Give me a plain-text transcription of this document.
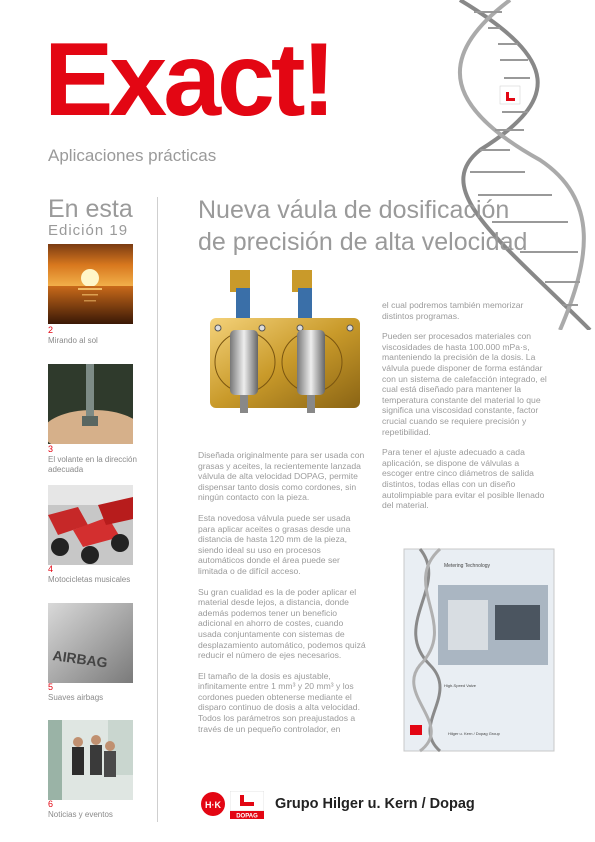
Exact!
Aplicaciones prácticas
En esta
Edición 19
2
Mirando al sol
3
El volante en la dirección adecuada
4
Motocicletas musicales
AIRBAG
5
Suaves airbags
6
Noticias y eventos
Nueva váula de dosificación
de precisión de alta velocidad

Diseñada originalmente para ser usada con grasas y aceites, la recientemente lanzada válvula de alta velocidad DOPAG, permite dispensar tanto dosis como cordones, sin ningún contacto con la pieza.

Esta novedosa válvula puede ser usada para aplicar aceites o grasas desde una distancia de hasta 120 mm de la pieza, siendo ideal su uso en procesos automáticos donde el área puede ser limitada o de difícil acceso.

Su gran cualidad es la de poder aplicar el material desde lejos, a distancia, donde además podemos tener un beneficio adicional en ahorro de costes, cuando usada conjuntamente con sistemas de desplazamiento automático, podemos quizá reducir el número de ejes necesarios.

El tamaño de la dosis es ajustable, infinitamente entre 1 mm³ y 20 mm³ y los cordones pueden obtenerse mediante el disparo continuo de dosis a alta velocidad. Todos los parámetros son preajustados a través de un pequeño controlador, en

el cual podremos también memorizar distintos programas.

Pueden ser procesados materiales con viscosidades de hasta 100.000 mPa·s, manteniendo la precisión de la dosis. La válvula puede disponer de forma estándar con un sistema de calefacción integrado, el cual está diseñado para mantener la temperatura constante del material lo que significa una viscosidad constante, factor crucial cuando se requiere precisión y repetibilidad.

Para tener el ajuste adecuado a cada aplicación, se dispone de válvulas a escoger entre cinco diámetros de salida distintos, todas ellas con un diseño autolimpiable para evitar el posible llenado del material.

Metering Technology
High-Speed Valve
Hilger u. Kern / Dopag Group
H·K
DOPAG
Grupo Hilger u. Kern / Dopag
